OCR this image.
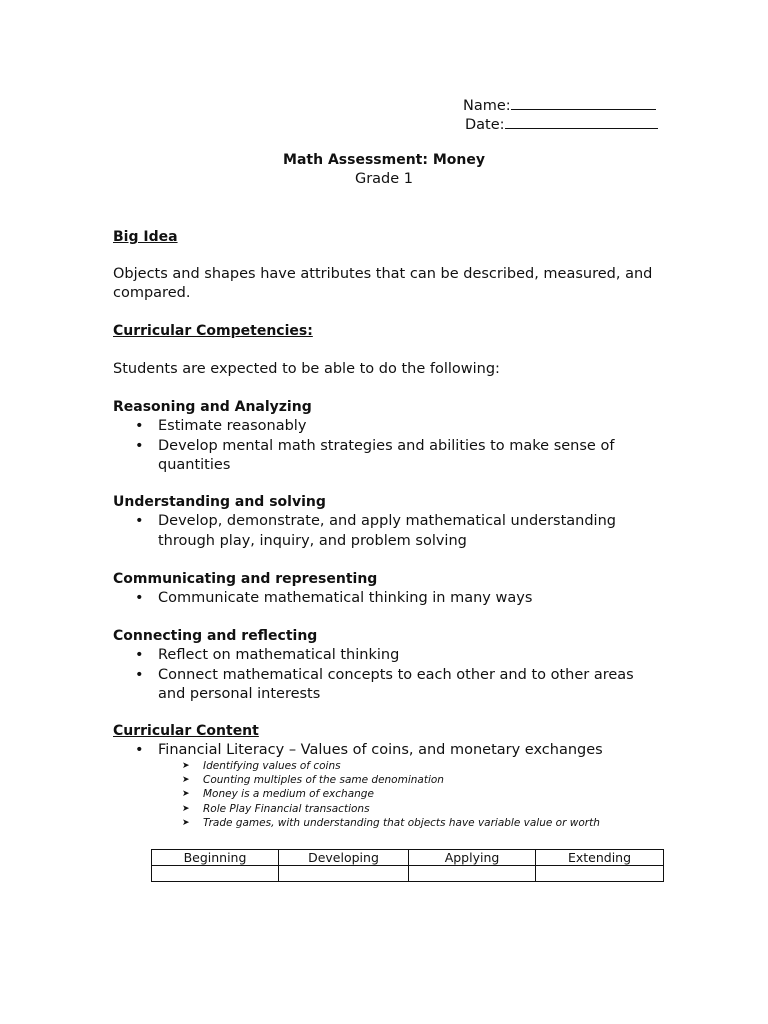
Name:
Date:
Math Assessment: Money
Grade 1
Big Idea
Objects and shapes have attributes that can be described, measured, and compared.
Curricular Competencies:
Students are expected to be able to do the following:
Reasoning and Analyzing
• Estimate reasonably
• Develop mental math strategies and abilities to make sense of quantities
Understanding and solving
• Develop, demonstrate, and apply mathematical understanding through play, inquiry, and problem solving
Communicating and representing
• Communicate mathematical thinking in many ways
Connecting and reflecting
• Reflect on mathematical thinking
• Connect mathematical concepts to each other and to other areas and personal interests
Curricular Content
• Financial Literacy – Values of coins, and monetary exchanges
➤ Identifying values of coins
➤ Counting multiples of the same denomination
➤ Money is a medium of exchange
➤ Role Play Financial transactions
➤ Trade games, with understanding that objects have variable value or worth
Beginning	Developing	Applying	Extending
